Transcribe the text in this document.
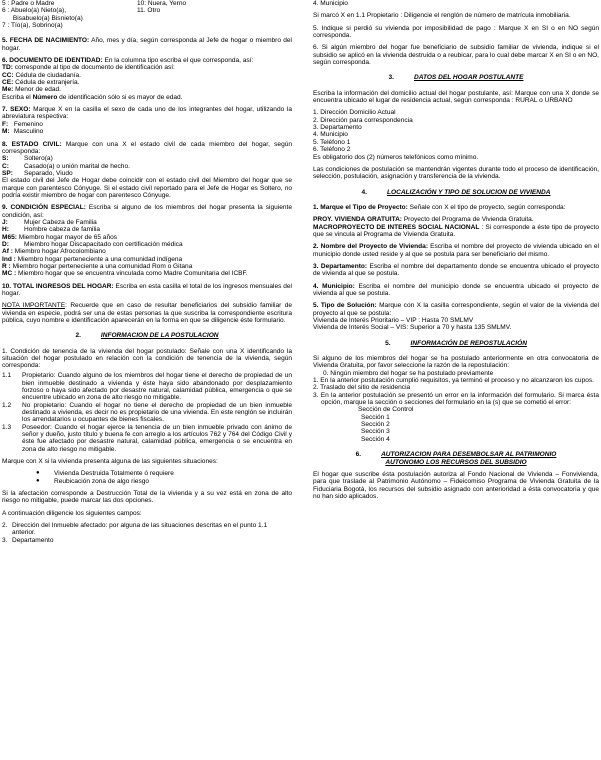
5 : Padre o Madre	10: Nuera, Yerno
6 : Abuelo(a) Nieto(a),	11. Otro
Bisabuelo(a) Bisnieto(a)
7 : Tío(a), Sobrino(a)

5. FECHA DE NACIMIENTO: Año, mes y día, según corresponda al Jefe de hogar o miembro del hogar.

6. DOCUMENTO DE IDENTIDAD: En la columna tipo escriba el que corresponda, así:

TD: corresponde al tipo de documento de identificación así:

CC: Cédula de ciudadanía.

CE: Cédula de extranjería.

Me: Menor de edad.

Escriba el Número de identificación sólo si es mayor de edad.

7. SEXO: Marque X en la casilla el sexo de cada uno de los integrantes del hogar, utilizando la abreviatura respectiva:

F: Femenino

M: Masculino

8. ESTADO CIVIL: Marque con una X el estado civil de cada miembro del hogar, según corresponda:

S: Soltero(a)

C: Casado(a) o unión marital de hecho.

SP: Separado, Viudo

El estado civil del Jefe de Hogar debe coincidir con el estado civil del Miembro del hogar que se marque con parentesco Cónyuge. Si el estado civil reportado para el Jefe de Hogar es Soltero, no podría existir miembro de hogar con parentesco Cónyuge.

9. CONDICIÓN ESPECIAL: Escriba si alguno de los miembros del hogar presenta la siguiente condición, así:

J: Mujer Cabeza de Familia

H: Hombre cabeza de familia

M65: Miembro hogar mayor de 65 años

D: Miembro hogar Discapacitado con certificación médica

Af : Miembro hogar Afrocolombiano

Ind : Miembro hogar perteneciente a una comunidad indígena

R : Miembro hogar perteneciente a una comunidad Rom o Gitana

MC : Miembro hogar que se encuentra vinculada como Madre Comunitaria del ICBF.

10. TOTAL INGRESOS DEL HOGAR: Escriba en esta casilla el total de los ingresos mensuales del hogar.

NOTA IMPORTANTE: Recuerde que en caso de resultar beneficiarios del subsidio familiar de vivienda en especie, podrá ser una de estas personas la que suscriba la correspondiente escritura pública, cuyo nombre e identificación aparecerán en la forma en que se diligencie éste formulario.

2.	INFORMACION DE LA POSTULACION

1. Condición de tenencia de la vivienda del hogar postulado: Señale con una X identificando la situación del hogar postulado en relación con la condición de tenencia de la vivienda, según corresponda:

1.1 Propietario: Cuando alguno de los miembros del hogar tiene el derecho de propiedad de un bien inmueble destinado a vivienda y éste haya sido abandonado por desplazamiento forzoso o haya sido afectado por desastre natural, calamidad pública, emergencia o que se encuentre ubicado en zona de alto riesgo no mitigable.
1.2 No propietario: Cuando el hogar no tiene el derecho de propiedad de un bien inmueble destinado a vivienda, es decir no es propietario de una vivienda. En este renglón se incluirán los arrendatarios u ocupantes de bienes fiscales.
1.3 Poseedor: Cuando el hogar ejerce la tenencia de un bien inmueble privado con ánimo de señor y dueño, justo título y buena fe con arreglo a los artículos 762 y 764 del Código Civil y éste fue afectado por desastre natural, calamidad pública, emergencia o se encuentra en zona de alto riesgo no mitigable.

Marque con X si la vivienda presenta alguna de las siguientes situaciones:

● Vivienda Destruida Totalmente ó requiere
● Reubicación zona de algo riesgo

Si la afectación corresponde a Destrucción Total de la vivienda y a su vez está en zona de alto riesgo no mitigable, puede marcar las dos opciones.

A continuación diligencie los siguientes campos:

2. Dirección del Inmueble afectado: por alguna de las situaciones descritas en el punto 1.1 anterior.
3. Departamento

4. Municipio

Si marcó X en 1.1 Propietario : Diligencie el renglón de número de matrícula inmobiliaria.

5. Indique si perdió su vivienda por imposibilidad de pago : Marque X en SI o en NO según corresponda.

6. Si algún miembro del hogar fue beneficiario de subsidio familiar de vivienda, indique si el subsidio se aplicó en la vivienda destruida o a reubicar, para lo cual debe marcar X en SI o en NO, según corresponda.

3.	DATOS DEL HOGAR POSTULANTE

Escriba la información del domicilio actual del hogar postulante, así: Marque con una X donde se encuentra ubicado el lugar de residencia actual, según corresponda : RURAL o URBANO

1. Dirección Domicilio Actual

2. Dirección para correspondencia

3. Departamento

4. Municipio

5. Teléfono 1

6. Teléfono 2

Es obligatorio dos (2) números telefónicos como mínimo.

Las condiciones de postulación se mantendrán vigentes durante todo el proceso de identificación, selección, postulación, asignación y transferencia de la vivienda.

4.	LOCALIZACIÓN Y TIPO DE SOLUCION DE VIVIENDA

1. Marque el Tipo de Proyecto: Señale con X el tipo de proyecto, según corresponda:

PROY. VIVIENDA GRATUITA: Proyecto del Programa de Vivienda Gratuita.

MACROPROYECTO DE INTERES SOCIAL NACIONAL : Si corresponde a éste tipo de proyecto que se vincula al Programa de Vivienda Gratuita.

2. Nombre del Proyecto de Vivienda: Escriba el nombre del proyecto de vivienda ubicado en el municipio donde usted reside y al que se postula para ser beneficiario del mismo.

3. Departamento: Escriba el nombre del departamento donde se encuentra ubicado el proyecto de vivienda al que se postula.

4. Municipio: Escriba el nombre del municipio donde se encuentra ubicado el proyecto de vivienda al que se postula.

5. Tipo de Solución: Marque con X la casilla correspondiente, según el valor de la vivienda del proyecto al que se postula:

Vivienda de Interés Prioritario – VIP : Hasta 70 SMLMV

Vivienda de Interés Social – VIS: Superior a 70 y hasta 135 SMLMV.

5.	INFORMACIÓN DE REPOSTULACIÓN

Si alguno de los miembros del hogar se ha postulado anteriormente en otra convocatoria de Vivienda Gratuita, por favor seleccione la razón de la repostulación:

0. Ningún miembro del hogar se ha postulado previamente

1. En la anterior postulación cumplió requisitos, ya terminó el proceso y no alcanzaron los cupos.

2. Traslado del sitio de residencia

3. En la anterior postulación se presentó un error en la información del formulario. Si marca ésta opción, marque la sección o secciones del formulario en la (s) que se cometió el error:

Sección de Control

Sección 1

Sección 2

Sección 3

Sección 4

6.	AUTORIZACION PARA DESEMBOLSAR AL PATRIMONIO
AUTONOMO LOS RECURSOS DEL SUBSIDIO

El hogar que suscribe ésta postulación autoriza al Fondo Nacional de Vivienda – Fonvivienda, para que traslade al Patrimonio Autónomo – Fideicomiso Programa de Vivienda Gratuita de la Fiduciaria Bogotá, los recursos del subsidio asignado con anterioridad a ésta convocatoria y que no han sido aplicados.
